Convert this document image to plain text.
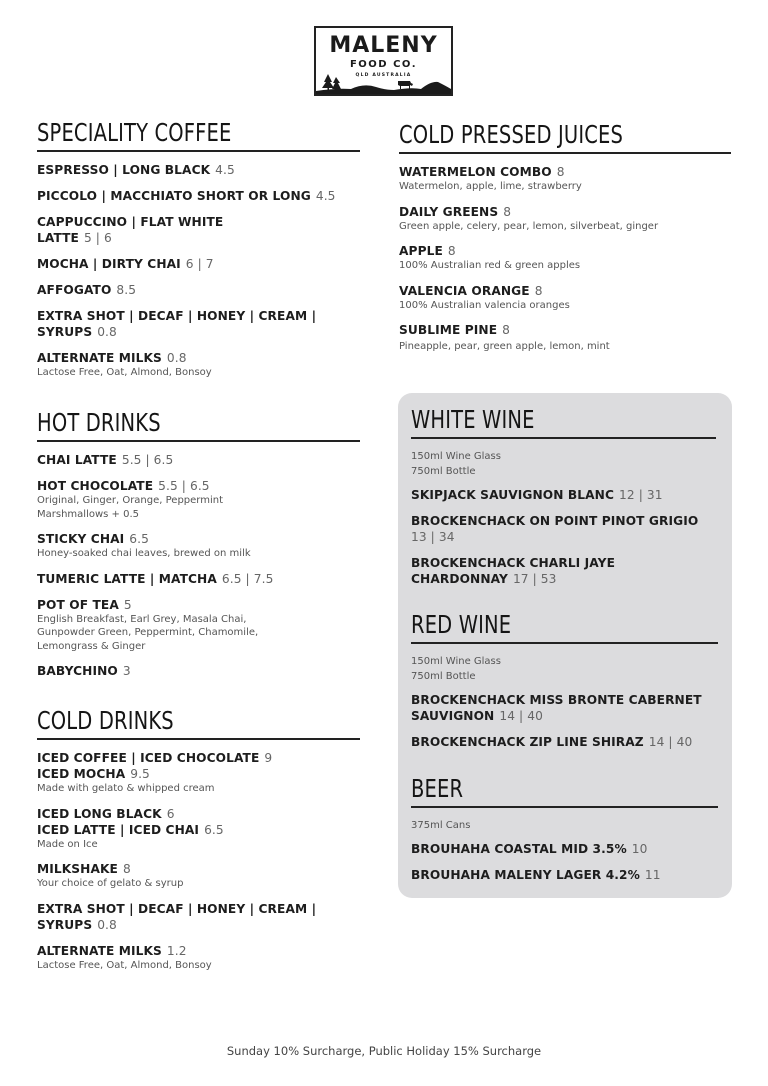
MALENY
FOOD CO.
QLD AUSTRALIA
SPECIALITY COFFEE
ESPRESSO | LONG BLACK 4.5
PICCOLO | MACCHIATO SHORT OR LONG 4.5
CAPPUCCINO | FLAT WHITE
LATTE 5 | 6
MOCHA | DIRTY CHAI 6 | 7
AFFOGATO 8.5
EXTRA SHOT | DECAF | HONEY | CREAM |
SYRUPS 0.8
ALTERNATE MILKS 0.8
Lactose Free, Oat, Almond, Bonsoy
HOT DRINKS
CHAI LATTE 5.5 | 6.5
HOT CHOCOLATE 5.5 | 6.5
Original, Ginger, Orange, Peppermint
Marshmallows + 0.5
STICKY CHAI 6.5
Honey-soaked chai leaves, brewed on milk
TUMERIC LATTE | MATCHA 6.5 | 7.5
POT OF TEA 5
English Breakfast, Earl Grey, Masala Chai,
Gunpowder Green, Peppermint, Chamomile,
Lemongrass & Ginger
BABYCHINO 3
COLD DRINKS
ICED COFFEE | ICED CHOCOLATE 9
ICED MOCHA 9.5
Made with gelato & whipped cream
ICED LONG BLACK 6
ICED LATTE | ICED CHAI 6.5
Made on Ice
MILKSHAKE 8
Your choice of gelato & syrup
EXTRA SHOT | DECAF | HONEY | CREAM |
SYRUPS 0.8
ALTERNATE MILKS 1.2
Lactose Free, Oat, Almond, Bonsoy
COLD PRESSED JUICES
WATERMELON COMBO 8
Watermelon, apple, lime, strawberry
DAILY GREENS 8
Green apple, celery, pear, lemon, silverbeat, ginger
APPLE 8
100% Australian red & green apples
VALENCIA ORANGE 8
100% Australian valencia oranges
SUBLIME PINE 8
Pineapple, pear, green apple, lemon, mint
WHITE WINE
150ml Wine Glass
750ml Bottle
SKIPJACK SAUVIGNON BLANC 12 | 31
BROCKENCHACK ON POINT PINOT GRIGIO
13 | 34
BROCKENCHACK CHARLI JAYE
CHARDONNAY 17 | 53
RED WINE
150ml Wine Glass
750ml Bottle
BROCKENCHACK MISS BRONTE CABERNET
SAUVIGNON 14 | 40
BROCKENCHACK ZIP LINE SHIRAZ 14 | 40
BEER
375ml Cans
BROUHAHA COASTAL MID 3.5% 10
BROUHAHA MALENY LAGER 4.2% 11
Sunday 10% Surcharge, Public Holiday 15% Surcharge
